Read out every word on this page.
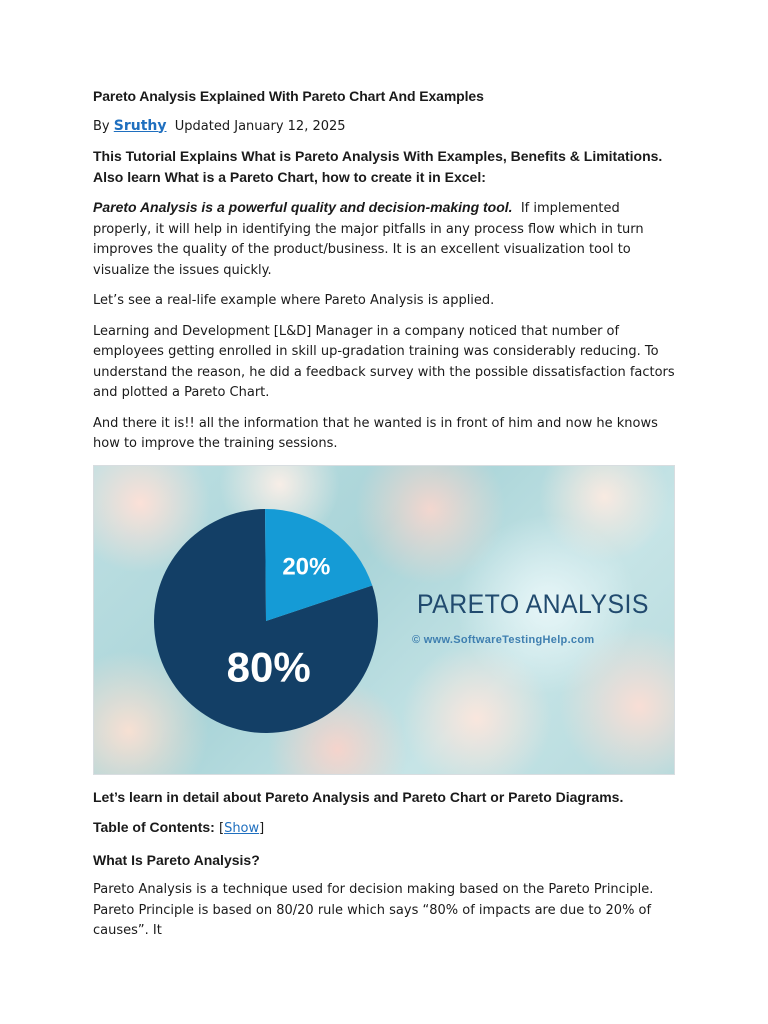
Pareto Analysis Explained With Pareto Chart And Examples

By Sruthy Updated January 12, 2025

This Tutorial Explains What is Pareto Analysis With Examples, Benefits & Limitations. Also learn What is a Pareto Chart, how to create it in Excel:

Pareto Analysis is a powerful quality and decision-making tool. If implemented properly, it will help in identifying the major pitfalls in any process flow which in turn improves the quality of the product/business. It is an excellent visualization tool to visualize the issues quickly.

Let’s see a real-life example where Pareto Analysis is applied.

Learning and Development [L&D] Manager in a company noticed that number of employees getting enrolled in skill up-gradation training was considerably reducing. To understand the reason, he did a feedback survey with the possible dissatisfaction factors and plotted a Pareto Chart.

And there it is!! all the information that he wanted is in front of him and now he knows how to improve the training sessions.

80%
20%
PARETO ANALYSIS
© www.SoftwareTestingHelp.com

Let’s learn in detail about Pareto Analysis and Pareto Chart or Pareto Diagrams.

Table of Contents: [Show]

What Is Pareto Analysis?

Pareto Analysis is a technique used for decision making based on the Pareto Principle. Pareto Principle is based on 80/20 rule which says “80% of impacts are due to 20% of causes”. It
